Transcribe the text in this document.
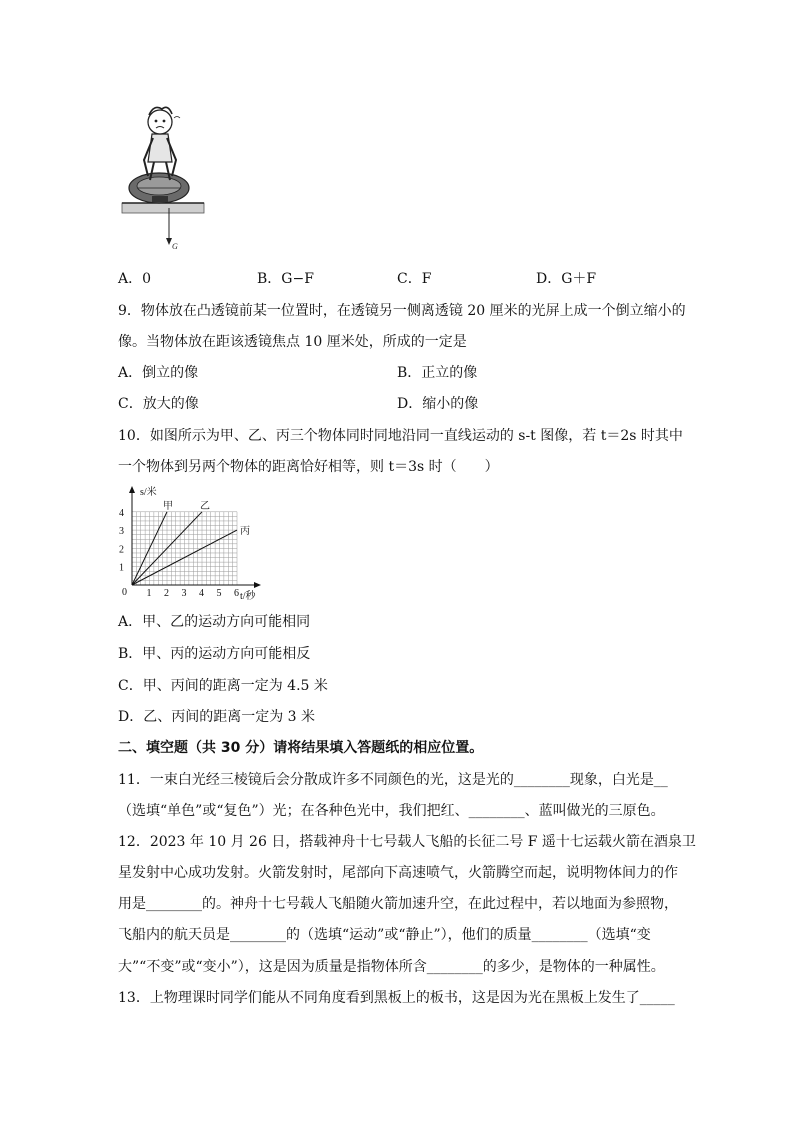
G
A．0	B．G−F	C．F	D．G＋F
9．物体放在凸透镜前某一位置时，在透镜另一侧离透镜 20 厘米的光屏上成一个倒立缩小的
像。当物体放在距该透镜焦点 10 厘米处，所成的一定是
A．倒立的像	B．正立的像
C．放大的像	D．缩小的像
10．如图所示为甲、乙、丙三个物体同时同地沿同一直线运动的 s-t 图像，若 t＝2s 时其中
一个物体到另两个物体的距离恰好相等，则 t＝3s 时（　　）
s/米
t/秒
0 1 2 3 4 5 6
1
2
3
4
甲	乙
丙
A．甲、乙的运动方向可能相同
B．甲、丙的运动方向可能相反
C．甲、丙间的距离一定为 4.5 米
D．乙、丙间的距离一定为 3 米
二、填空题（共 30 分）请将结果填入答题纸的相应位置。
11．一束白光经三棱镜后会分散成许多不同颜色的光，这是光的________现象，白光是__
（选填“单色”或“复色”）光；在各种色光中，我们把红、________、蓝叫做光的三原色。
12．2023 年 10 月 26 日，搭载神舟十七号载人飞船的长征二号 F 遥十七运载火箭在酒泉卫
星发射中心成功发射。火箭发射时，尾部向下高速喷气，火箭腾空而起，说明物体间力的作
用是________的。神舟十七号载人飞船随火箭加速升空，在此过程中，若以地面为参照物，
飞船内的航天员是________的（选填“运动”或“静止”），他们的质量________（选填“变
大”“不变”或“变小”），这是因为质量是指物体所含________的多少，是物体的一种属性。
13．上物理课时同学们能从不同角度看到黑板上的板书，这是因为光在黑板上发生了_____
